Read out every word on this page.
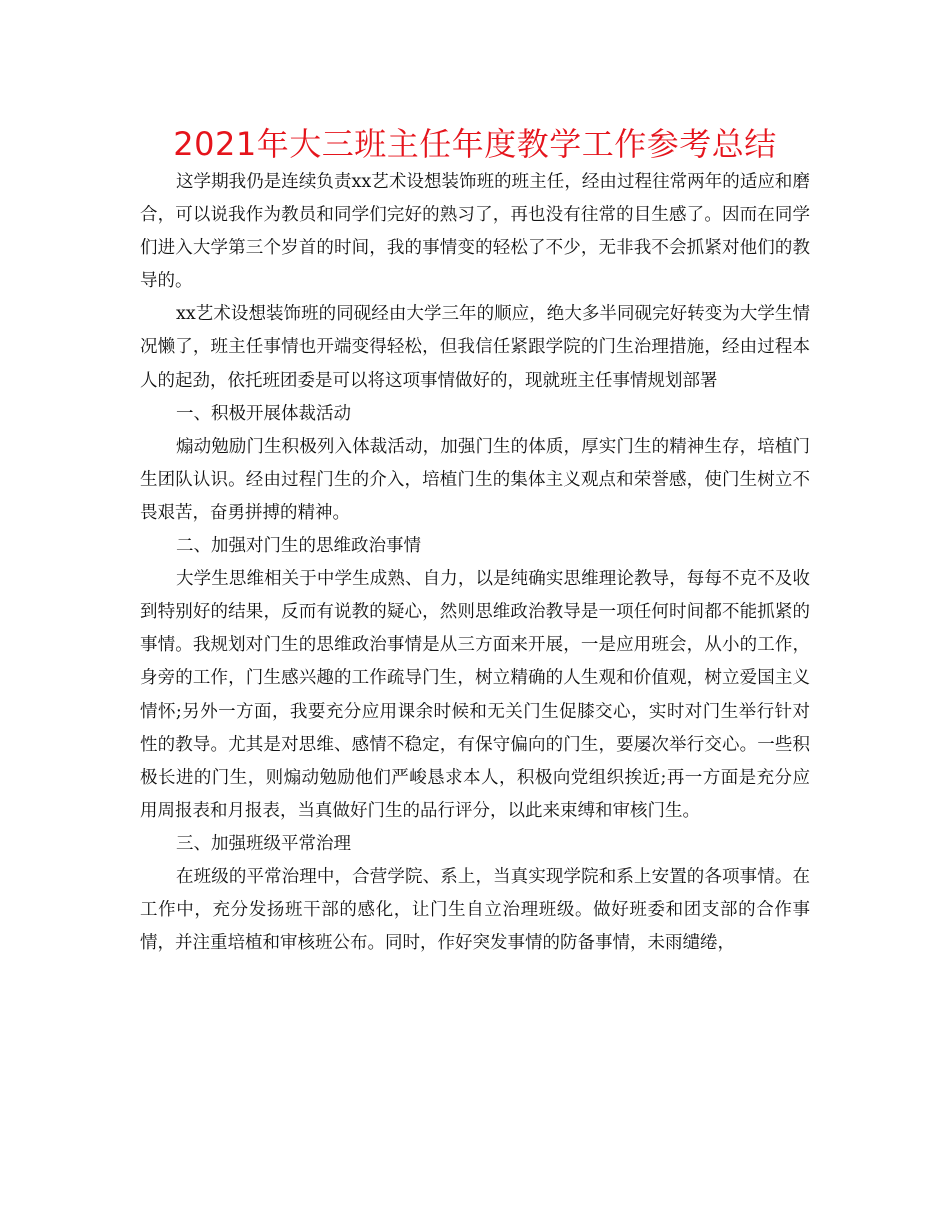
2021年大三班主任年度教学工作参考总结

这学期我仍是连续负责xx艺术设想装饰班的班主任，经由过程往常两年的适应和磨合，可以说我作为教员和同学们完好的熟习了，再也没有往常的目生感了。因而在同学们进入大学第三个岁首的时间，我的事情变的轻松了不少，无非我不会抓紧对他们的教导的。

xx艺术设想装饰班的同砚经由大学三年的顺应，绝大多半同砚完好转变为大学生情况懒了，班主任事情也开端变得轻松，但我信任紧跟学院的门生治理措施，经由过程本人的起劲，依托班团委是可以将这项事情做好的，现就班主任事情规划部署

一、积极开展体裁活动

煽动勉励门生积极列入体裁活动，加强门生的体质，厚实门生的精神生存，培植门生团队认识。经由过程门生的介入，培植门生的集体主义观点和荣誉感，使门生树立不畏艰苦，奋勇拼搏的精神。

二、加强对门生的思维政治事情

大学生思维相关于中学生成熟、自力，以是纯确实思维理论教导，每每不克不及收到特别好的结果，反而有说教的疑心，然则思维政治教导是一项任何时间都不能抓紧的事情。我规划对门生的思维政治事情是从三方面来开展，一是应用班会，从小的工作，身旁的工作，门生感兴趣的工作疏导门生，树立精确的人生观和价值观，树立爱国主义情怀;另外一方面，我要充分应用课余时候和无关门生促膝交心，实时对门生举行针对性的教导。尤其是对思维、感情不稳定，有保守偏向的门生，要屡次举行交心。一些积极长进的门生，则煽动勉励他们严峻恳求本人，积极向党组织挨近;再一方面是充分应用周报表和月报表，当真做好门生的品行评分，以此来束缚和审核门生。

三、加强班级平常治理

在班级的平常治理中，合营学院、系上，当真实现学院和系上安置的各项事情。在工作中，充分发扬班干部的感化，让门生自立治理班级。做好班委和团支部的合作事情，并注重培植和审核班公布。同时，作好突发事情的防备事情，未雨缱绻，
